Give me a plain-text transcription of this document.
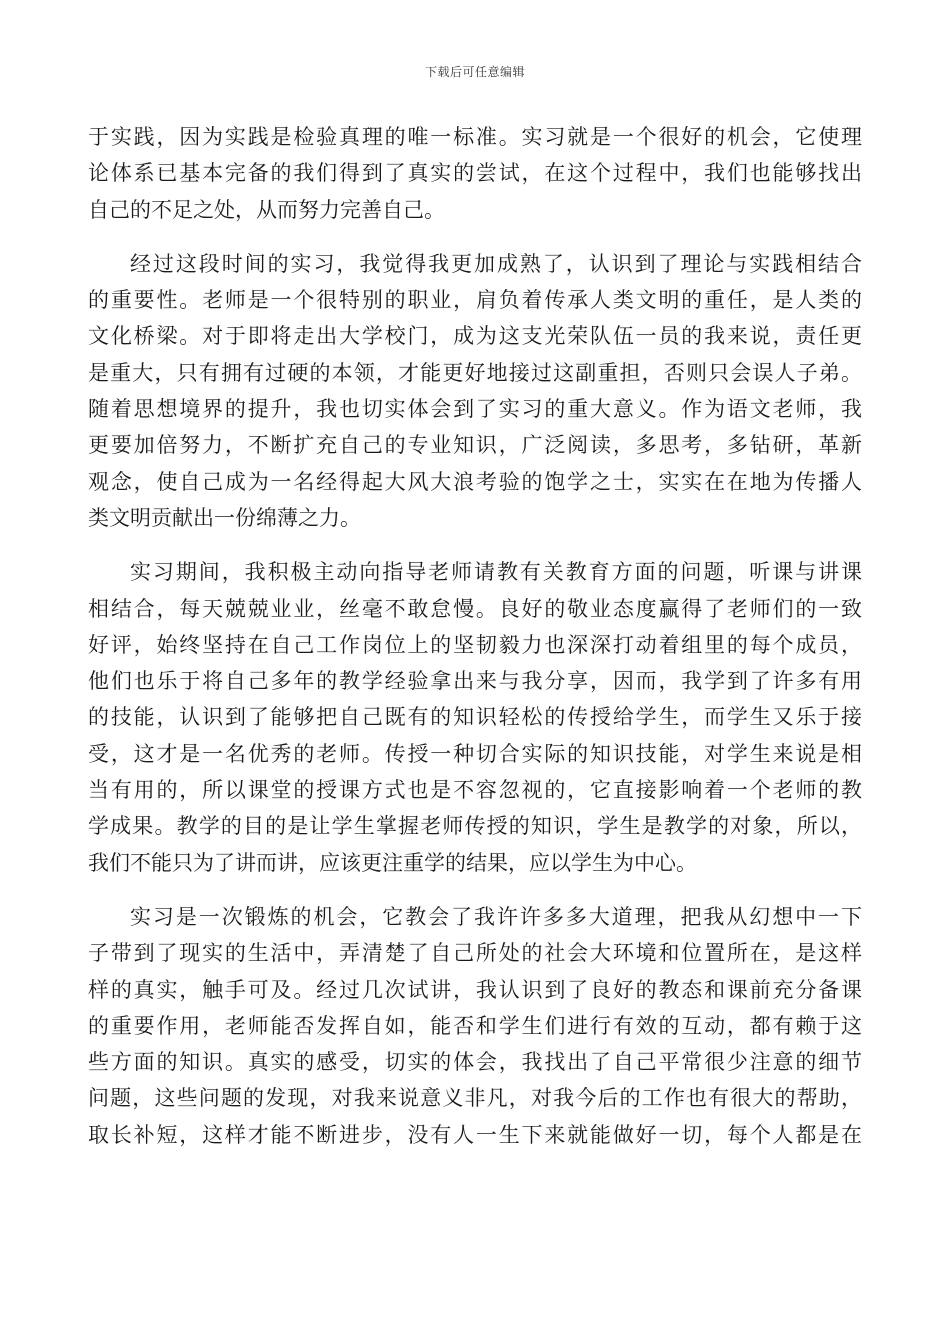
下载后可任意编辑
于实践，因为实践是检验真理的唯一标准。实习就是一个很好的机会，它使理
论体系已基本完备的我们得到了真实的尝试，在这个过程中，我们也能够找出
自己的不足之处，从而努力完善自己。
经过这段时间的实习，我觉得我更加成熟了，认识到了理论与实践相结合
的重要性。老师是一个很特别的职业，肩负着传承人类文明的重任，是人类的
文化桥梁。对于即将走出大学校门，成为这支光荣队伍一员的我来说，责任更
是重大，只有拥有过硬的本领，才能更好地接过这副重担，否则只会误人子弟。
随着思想境界的提升，我也切实体会到了实习的重大意义。作为语文老师，我
更要加倍努力，不断扩充自己的专业知识，广泛阅读，多思考，多钻研，革新
观念，使自己成为一名经得起大风大浪考验的饱学之士，实实在在地为传播人
类文明贡献出一份绵薄之力。
实习期间，我积极主动向指导老师请教有关教育方面的问题，听课与讲课
相结合，每天兢兢业业，丝毫不敢怠慢。良好的敬业态度赢得了老师们的一致
好评，始终坚持在自己工作岗位上的坚韧毅力也深深打动着组里的每个成员，
他们也乐于将自己多年的教学经验拿出来与我分享，因而，我学到了许多有用
的技能，认识到了能够把自己既有的知识轻松的传授给学生，而学生又乐于接
受，这才是一名优秀的老师。传授一种切合实际的知识技能，对学生来说是相
当有用的，所以课堂的授课方式也是不容忽视的，它直接影响着一个老师的教
学成果。教学的目的是让学生掌握老师传授的知识，学生是教学的对象，所以，
我们不能只为了讲而讲，应该更注重学的结果，应以学生为中心。
实习是一次锻炼的机会，它教会了我许许多多大道理，把我从幻想中一下
子带到了现实的生活中，弄清楚了自己所处的社会大环境和位置所在，是这样
样的真实，触手可及。经过几次试讲，我认识到了良好的教态和课前充分备课
的重要作用，老师能否发挥自如，能否和学生们进行有效的互动，都有赖于这
些方面的知识。真实的感受，切实的体会，我找出了自己平常很少注意的细节
问题，这些问题的发现，对我来说意义非凡，对我今后的工作也有很大的帮助，
取长补短，这样才能不断进步，没有人一生下来就能做好一切，每个人都是在
